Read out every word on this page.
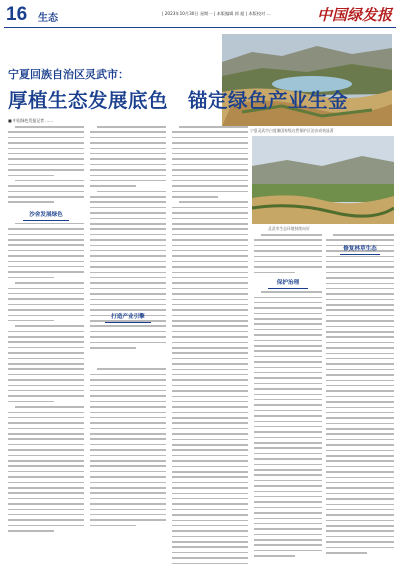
16 生态	| 2023年10月30日 星期一 | 本版编辑 郭 超 | 本版校对 …	中国绿发报
宁夏灵武市白芨滩国家级自然保护区治沙成效显著
宁夏回族自治区灵武市：
厚植生态发展底色　锚定绿色产业生金
■ 中国绿色发报记者 ……
沙舍发展绿色
打造产业引擎
灵武市生态环境持续向好
保护治理
修复林草生态
